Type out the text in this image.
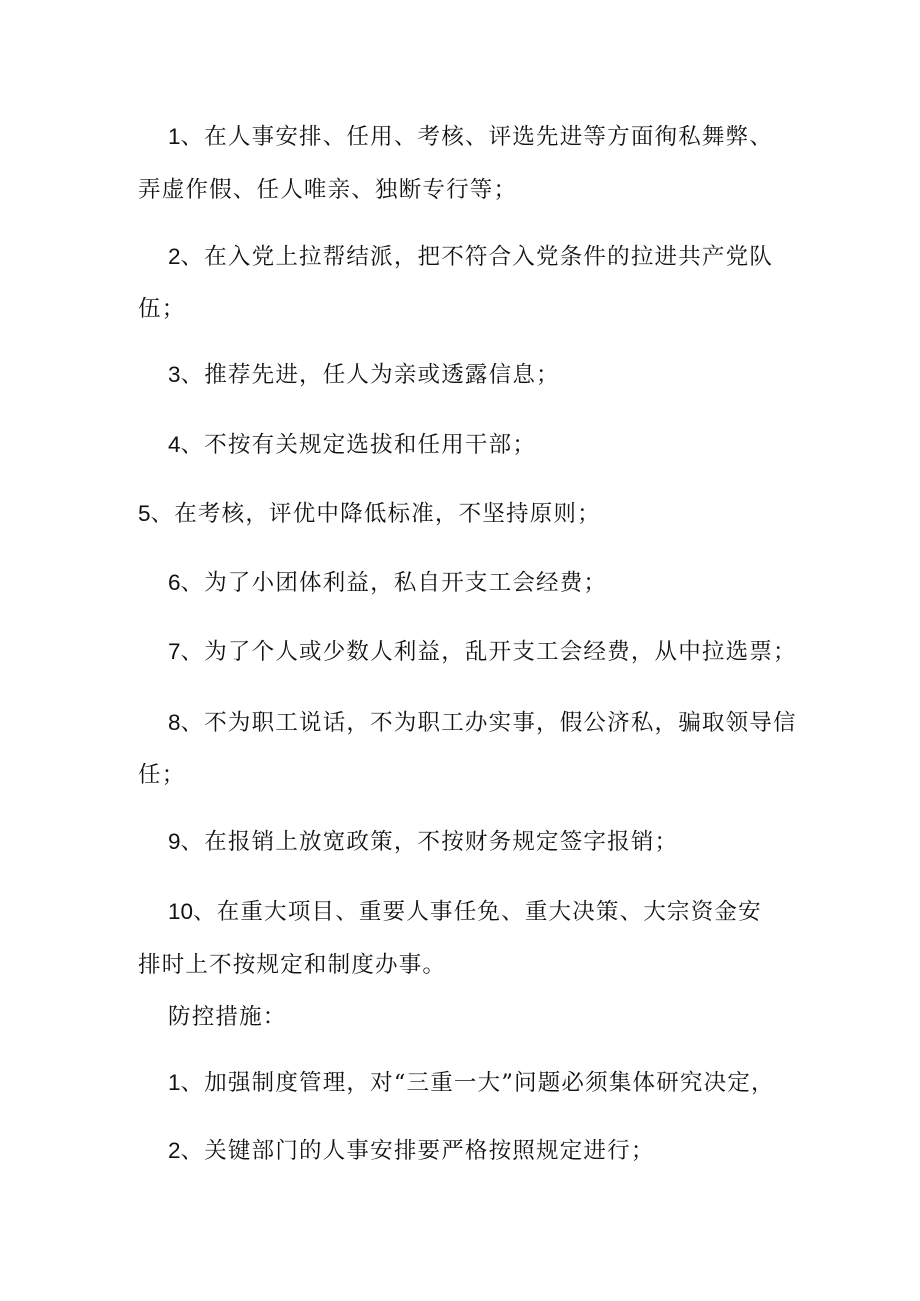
1、在人事安排、任用、考核、评选先进等方面徇私舞弊、
弄虚作假、任人唯亲、独断专行等；
2、在入党上拉帮结派，把不符合入党条件的拉进共产党队
伍；
3、推荐先进，任人为亲或透露信息；
4、不按有关规定选拔和任用干部；
5、在考核，评优中降低标准，不坚持原则；
6、为了小团体利益，私自开支工会经费；
7、为了个人或少数人利益，乱开支工会经费，从中拉选票；
8、不为职工说话，不为职工办实事，假公济私，骗取领导信
任；
9、在报销上放宽政策，不按财务规定签字报销；
10、在重大项目、重要人事任免、重大决策、大宗资金安
排时上不按规定和制度办事。
防控措施：
1、加强制度管理，对“三重一大”问题必须集体研究决定，
2、关键部门的人事安排要严格按照规定进行；
